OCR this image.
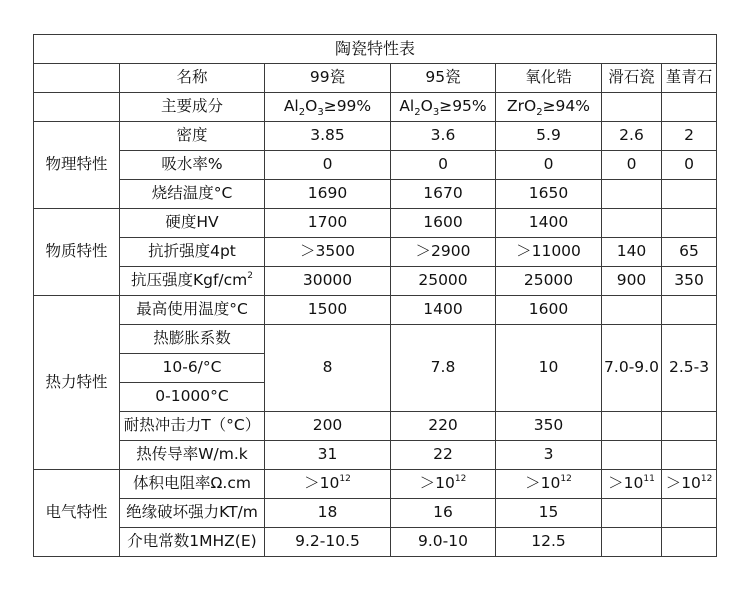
陶瓷特性表						
	名称	99瓷	95瓷	氧化锆	滑石瓷	堇青石
	主要成分	$Al_2O_3\ge 99\%$	$Al_2O_3\ge 95\%$	ZrO$_2$≥94%		
物理特性	密度	3.85	3.6	5.9	2.6	2
	吸水率%	0	0	0	0	0
	烧结温度°C	1690	1670	1650		
物质特性	硬度HV	1700	1600	1400		
	抗折强度4pt	＞3500	＞2900	＞11000	140	65
	抗压强度Kgf/$cm^2$	30000	25000	25000	900	350
热力特性	最高使用温度°C	1500	1400	1600		
	热膨胀系数	8	7.8	10	7.0-9.0	2.5-3
	10-6/°C					
	0-1000°C					
	耐热冲击力T（°C）	200	220	350		
	热传导率W/m.k	31	22	3		
电气特性	体积电阻率Ω.cm	$>10^{12}$	$>10^{12}$	$>10^{12}$	$>10^{11}$	$>10^{12}$
	绝缘破坏强力KT/m	18	16	15		
	介电常数1MHZ(E)	9.2-10.5	9.0-10	12.5		
